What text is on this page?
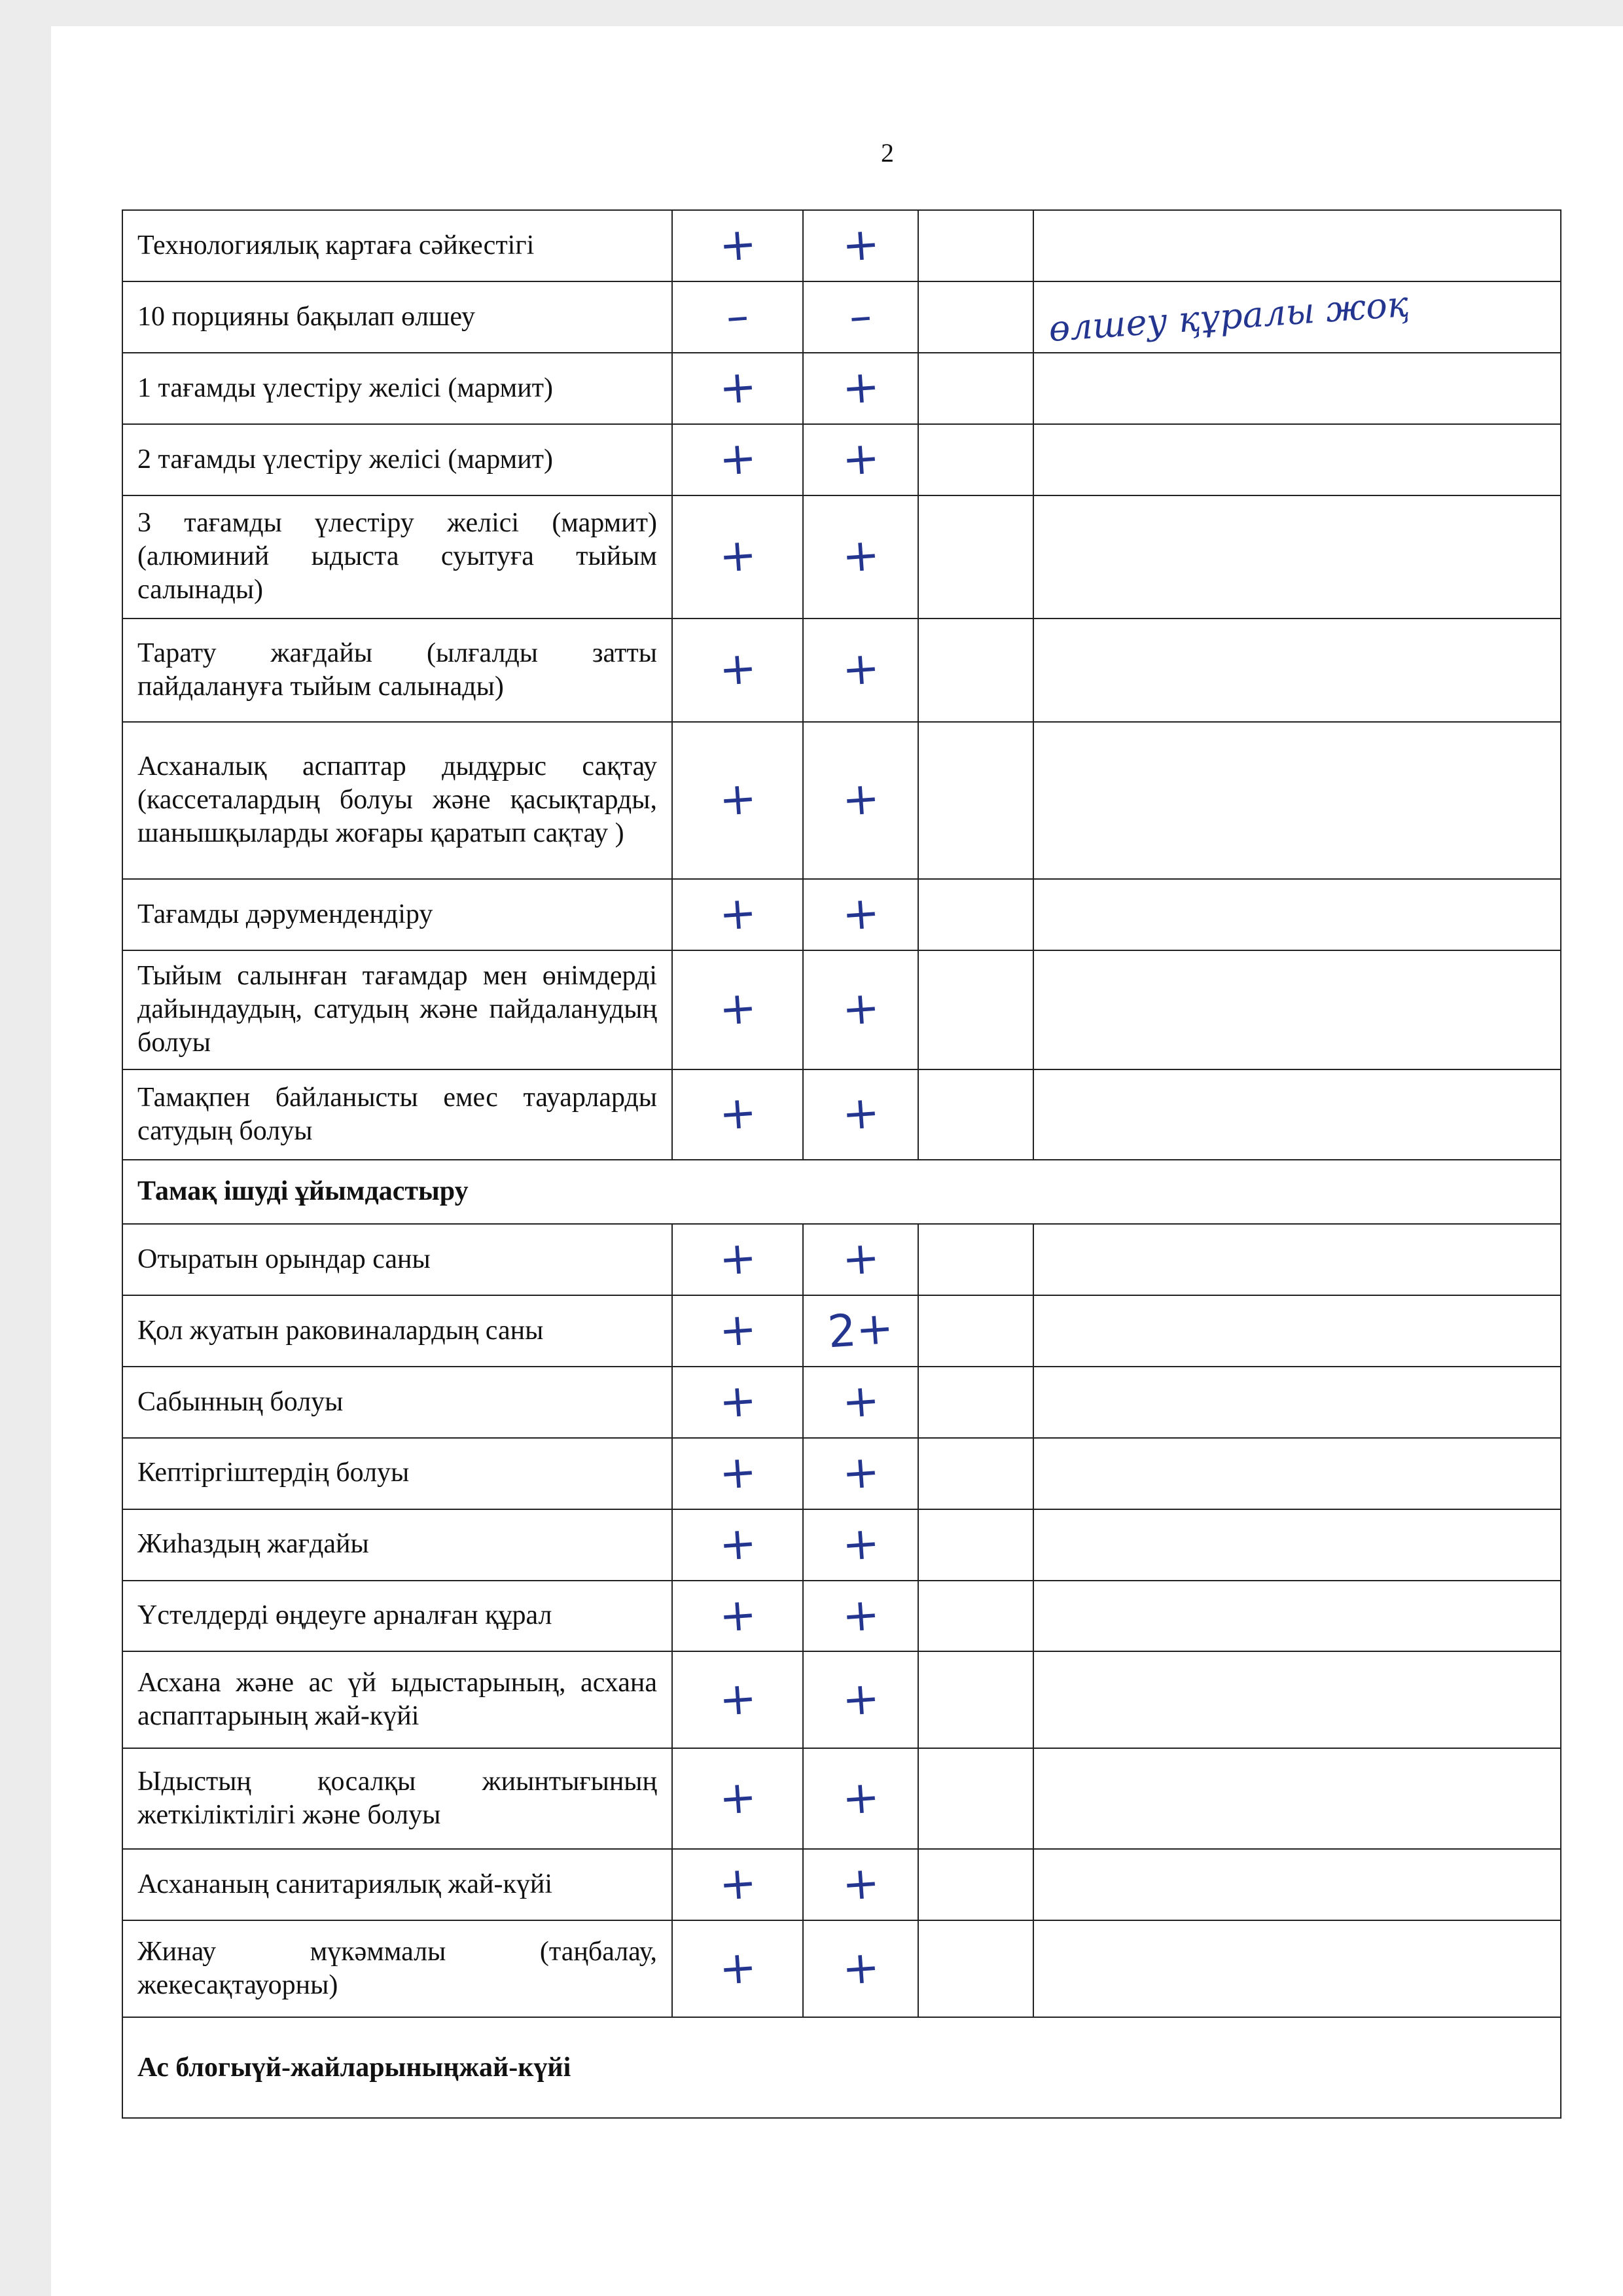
2
Технологиялық картаға сәйкестігі	+	+		
10 порцияны бақылап өлшеу	–	–		өлшеу құралы жоқ
1 тағамды үлестіру желісі (мармит)	+	+		
2 тағамды үлестіру желісі (мармит)	+	+		
3 тағамды үлестіру желісі (мармит) (алюминий ыдыста суытуға тыйым салынады)	+	+		
Тарату жағдайы (ылғалды затты пайдалануға тыйым салынады)	+	+		
Асханалық аспаптар дыдұрыс сақтау (кассеталардың болуы және қасықтарды, шанышқыларды жоғары қаратып сақтау )	+	+		
Тағамды дәрумендендіру	+	+		
Тыйым салынған тағамдар мен өнімдерді дайындаудың, сатудың және пайдаланудың болуы	+	+		
Тамақпен байланысты емес тауарларды сатудың болуы	+	+		
Тамақ ішуді ұйымдастыру				
Отыратын орындар саны	+	+		
Қол жуатын раковиналардың саны	+	2+		
Сабынның болуы	+	+		
Кептіргіштердің болуы	+	+		
Жиһаздың жағдайы	+	+		
Үстелдерді өңдеуге арналған құрал	+	+		
Асхана және ас үй ыдыстарының, асхана аспаптарының жай-күйі	+	+		
Ыдыстың қосалқы жиынтығының жеткіліктілігі және болуы	+	+		
Асхананың санитариялық жай-күйі	+	+		
Жинау мүкәммалы (таңбалау, жекесақтауорны)	+	+		
Ас блогыүй-жайларыныңжай-күйі				
